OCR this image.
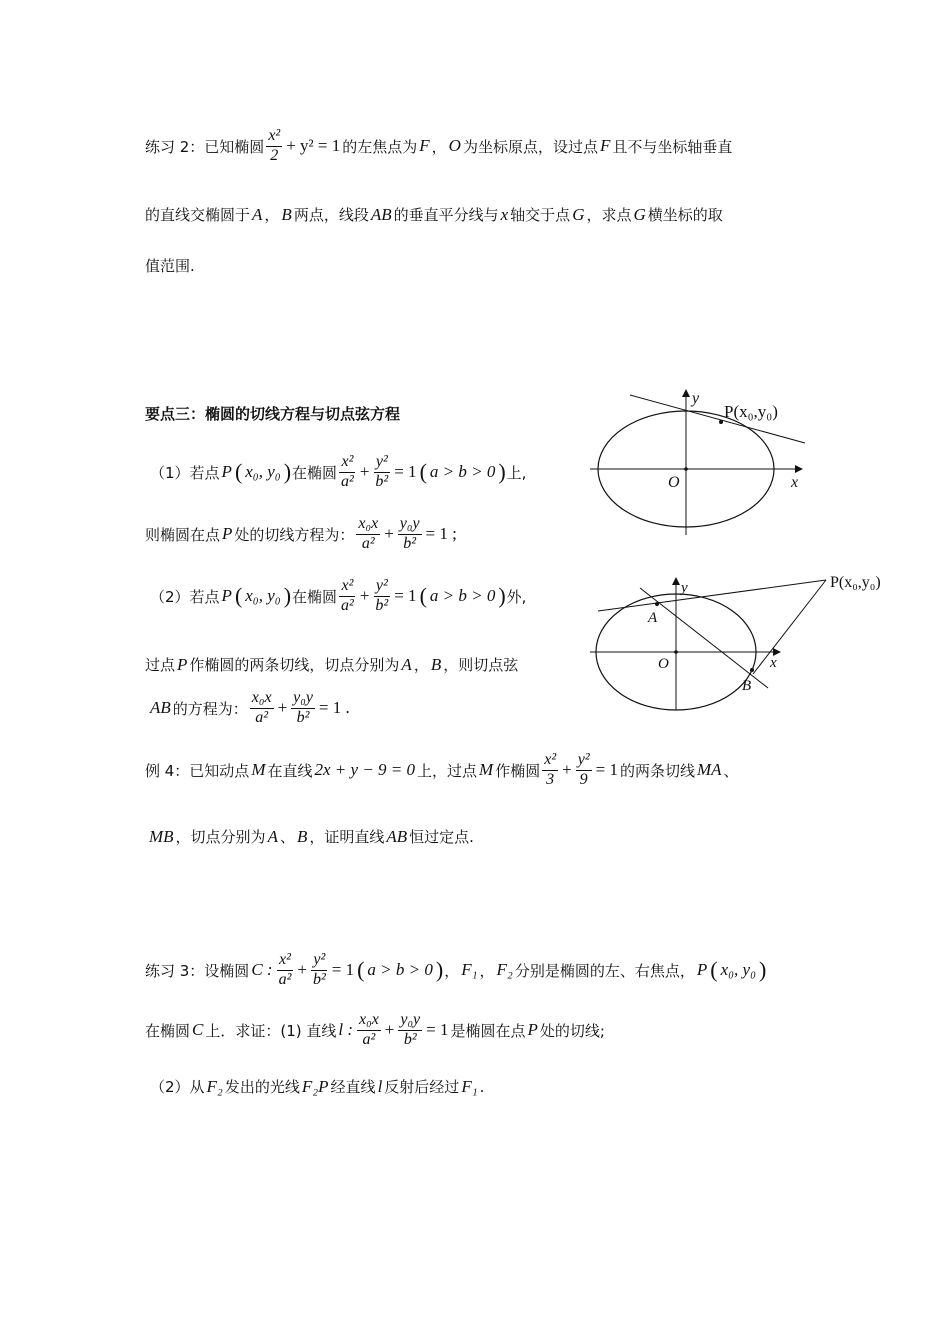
练习 2：已知椭圆 $\frac{\text{x²}}{2} + y^2 = 1$ 的左焦点为 F ， O 为坐标原点，设过点 F 且不与坐标轴垂直
的直线交椭圆于 A ， B 两点，线段 AB 的垂直平分线与 x 轴交于点 G ，求点 G 横坐标的取
值范围.
要点三：椭圆的切线方程与切点弦方程
（1）若点 P ( x₀, y₀ ) 在椭圆 $\frac{\text{x²}}{\text{a²}} + \frac{\text{y²}}{\text{b²}} = 1$ ( a > b > 0 ) 上,
则椭圆在点 P 处的切线方程为： $\frac{\text{x₀x}}{\text{a²}} + \frac{\text{y₀y}}{\text{b²}} = 1$ ;
（2）若点 P ( x₀, y₀ ) 在椭圆 $\frac{\text{x²}}{\text{a²}} + \frac{\text{y²}}{\text{b²}} = 1$ ( a > b > 0 ) 外,
过点 P 作椭圆的两条切线，切点分别为 A ， B ，则切点弦
AB 的方程为： $\frac{\text{x₀x}}{\text{a²}} + \frac{\text{y₀y}}{\text{b²}} = 1$ .
例 4：已知动点 M 在直线 2x + y − 9 = 0 上，过点 M 作椭圆 $\frac{\text{x²}}{3} + \frac{\text{y²}}{9} = 1$ 的两条切线 MA 、
MB ，切点分别为 A 、 B ，证明直线 AB 恒过定点.
练习 3：设椭圆 C : $\frac{\text{x²}}{\text{a²}} + \frac{\text{y²}}{\text{b²}} = 1$ ( a > b > 0 ) ， F₁ ， F₂ 分别是椭圆的左、右焦点， P ( x₀, y₀ )
在椭圆 C 上．求证：(1) 直线 l : $\frac{\text{x₀x}}{\text{a²}} + \frac{\text{y₀y}}{\text{b²}} = 1$ 是椭圆在点 P 处的切线;
（2）从 F₂ 发出的光线 F₂P 经直线 l 反射后经过 F₁ .
P(x₀,y₀)
y
x
O
P(x₀,y₀)
y
x
O
A
B
